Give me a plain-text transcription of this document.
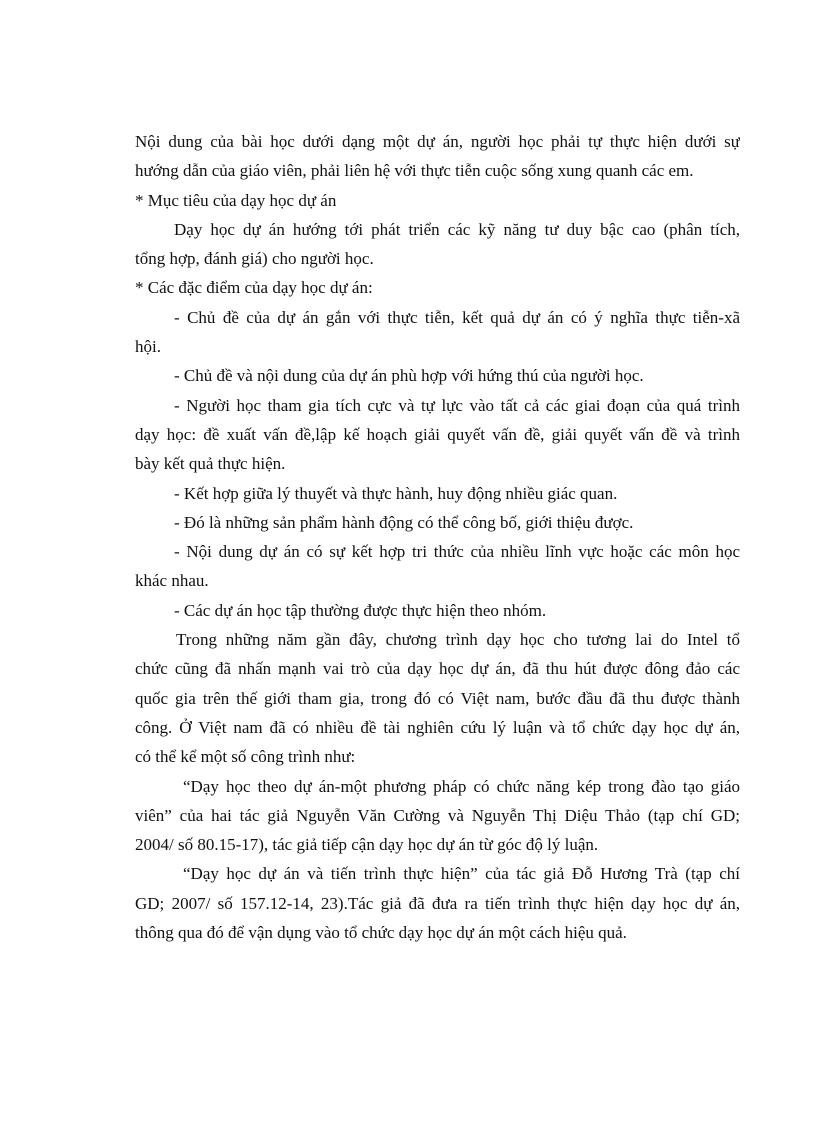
Nội dung của bài học dưới dạng một dự án, người học phải tự thực hiện dưới sự
hướng dẫn của giáo viên, phải liên hệ với thực tiễn cuộc sống xung quanh các em.
* Mục tiêu của dạy học dự án
Dạy học dự án hướng tới phát triển các kỹ năng tư duy bậc cao (phân tích,
tổng hợp, đánh giá) cho người học.
* Các đặc điểm của dạy học dự án:
- Chủ đề của dự án gắn với thực tiễn, kết quả dự án có ý nghĩa thực tiễn-xã
hội.
- Chủ đề và nội dung của dự án phù hợp với hứng thú của người học.
- Người học tham gia tích cực và tự lực vào tất cả các giai đoạn của quá trình
dạy học: đề xuất vấn đề,lập kế hoạch giải quyết vấn đề, giải quyết vấn đề và trình
bày kết quả thực hiện.
- Kết hợp giữa lý thuyết và thực hành, huy động nhiều giác quan.
- Đó là những sản phẩm hành động có thể công bố, giới thiệu được.
- Nội dung dự án có sự kết hợp tri thức của nhiều lĩnh vực hoặc các môn học
khác nhau.
- Các dự án học tập thường được thực hiện theo nhóm.
Trong những năm gần đây, chương trình dạy học cho tương lai do Intel tổ
chức cũng đã nhấn mạnh vai trò của dạy học dự án, đã thu hút được đông đảo các
quốc gia trên thế giới tham gia, trong đó có Việt nam, bước đầu đã thu được thành
công. Ở Việt nam đã có nhiều đề tài nghiên cứu lý luận và tổ chức dạy học dự án,
có thể kể một số công trình như:
“Dạy học theo dự án-một phương pháp có chức năng kép trong đào tạo giáo
viên” của hai tác giả Nguyễn Văn Cường và Nguyễn Thị Diệu Thảo (tạp chí GD;
2004/ số 80.15-17), tác giả tiếp cận dạy học dự án từ góc độ lý luận.
“Dạy học dự án và tiến trình thực hiện” của tác giả Đỗ Hương Trà (tạp chí
GD; 2007/ số 157.12-14, 23).Tác giả đã đưa ra tiến trình thực hiện dạy học dự án,
thông qua đó để vận dụng vào tổ chức dạy học dự án một cách hiệu quả.
